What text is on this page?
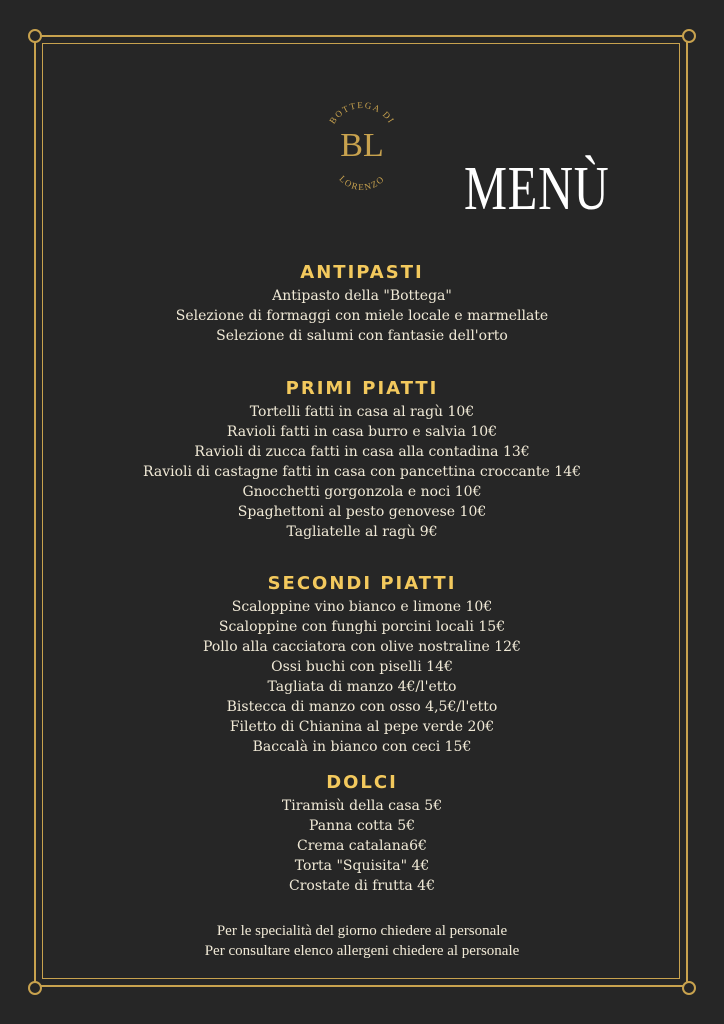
BOTTEGA DI
LORENZO
BL
MENÙ
ANTIPASTI
Antipasto della "Bottega"
Selezione di formaggi con miele locale e marmellate
Selezione di salumi con fantasie dell'orto
PRIMI PIATTI
Tortelli fatti in casa al ragù 10€
Ravioli fatti in casa burro e salvia 10€
Ravioli di zucca fatti in casa alla contadina 13€
Ravioli di castagne fatti in casa con pancettina croccante 14€
Gnocchetti gorgonzola e noci 10€
Spaghettoni al pesto genovese 10€
Tagliatelle al ragù 9€
SECONDI PIATTI
Scaloppine vino bianco e limone 10€
Scaloppine con funghi porcini locali 15€
Pollo alla cacciatora con olive nostraline 12€
Ossi buchi con piselli 14€
Tagliata di manzo 4€/l'etto
Bistecca di manzo con osso 4,5€/l'etto
Filetto di Chianina al pepe verde 20€
Baccalà in bianco con ceci 15€
DOLCI
Tiramisù della casa 5€
Panna cotta 5€
Crema catalana6€
Torta "Squisita" 4€
Crostate di frutta 4€
Per le specialità del giorno chiedere al personale
Per consultare elenco allergeni chiedere al personale
